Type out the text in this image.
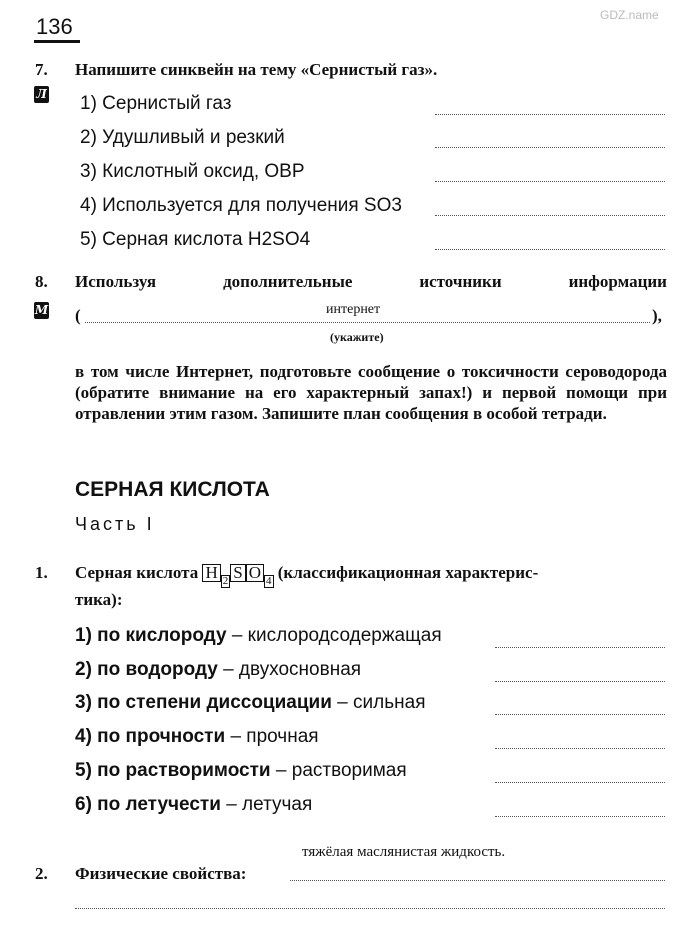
GDZ.name
136
7. Напишите синквейн на тему «Сернистый газ».
Л 1) Сернистый газ
2) Удушливый и резкий
3) Кислотный оксид, ОВР
4) Используется для получения SO3
5) Серная кислота H2SO4
8. Используя	дополнительные	источники	информации
М (	интернет	),
(укажите)
в том числе Интернет, подготовьте сообщение о токсичности сероводорода (обратите внимание на его характерный запах!) и первой помощи при отравлении этим газом. Запишите план сообщения в особой тетради.
СЕРНАЯ КИСЛОТА
Часть I
1. Серная кислота H 2 S O 4 (классификационная характерис-
тика):
1) по кислороду – кислородсодержащая
2) по водороду – двухосновная
3) по степени диссоциации – сильная
4) по прочности – прочная
5) по растворимости – растворимая
6) по летучести – летучая
2. Физические свойства:
тяжёлая маслянистая жидкость.
